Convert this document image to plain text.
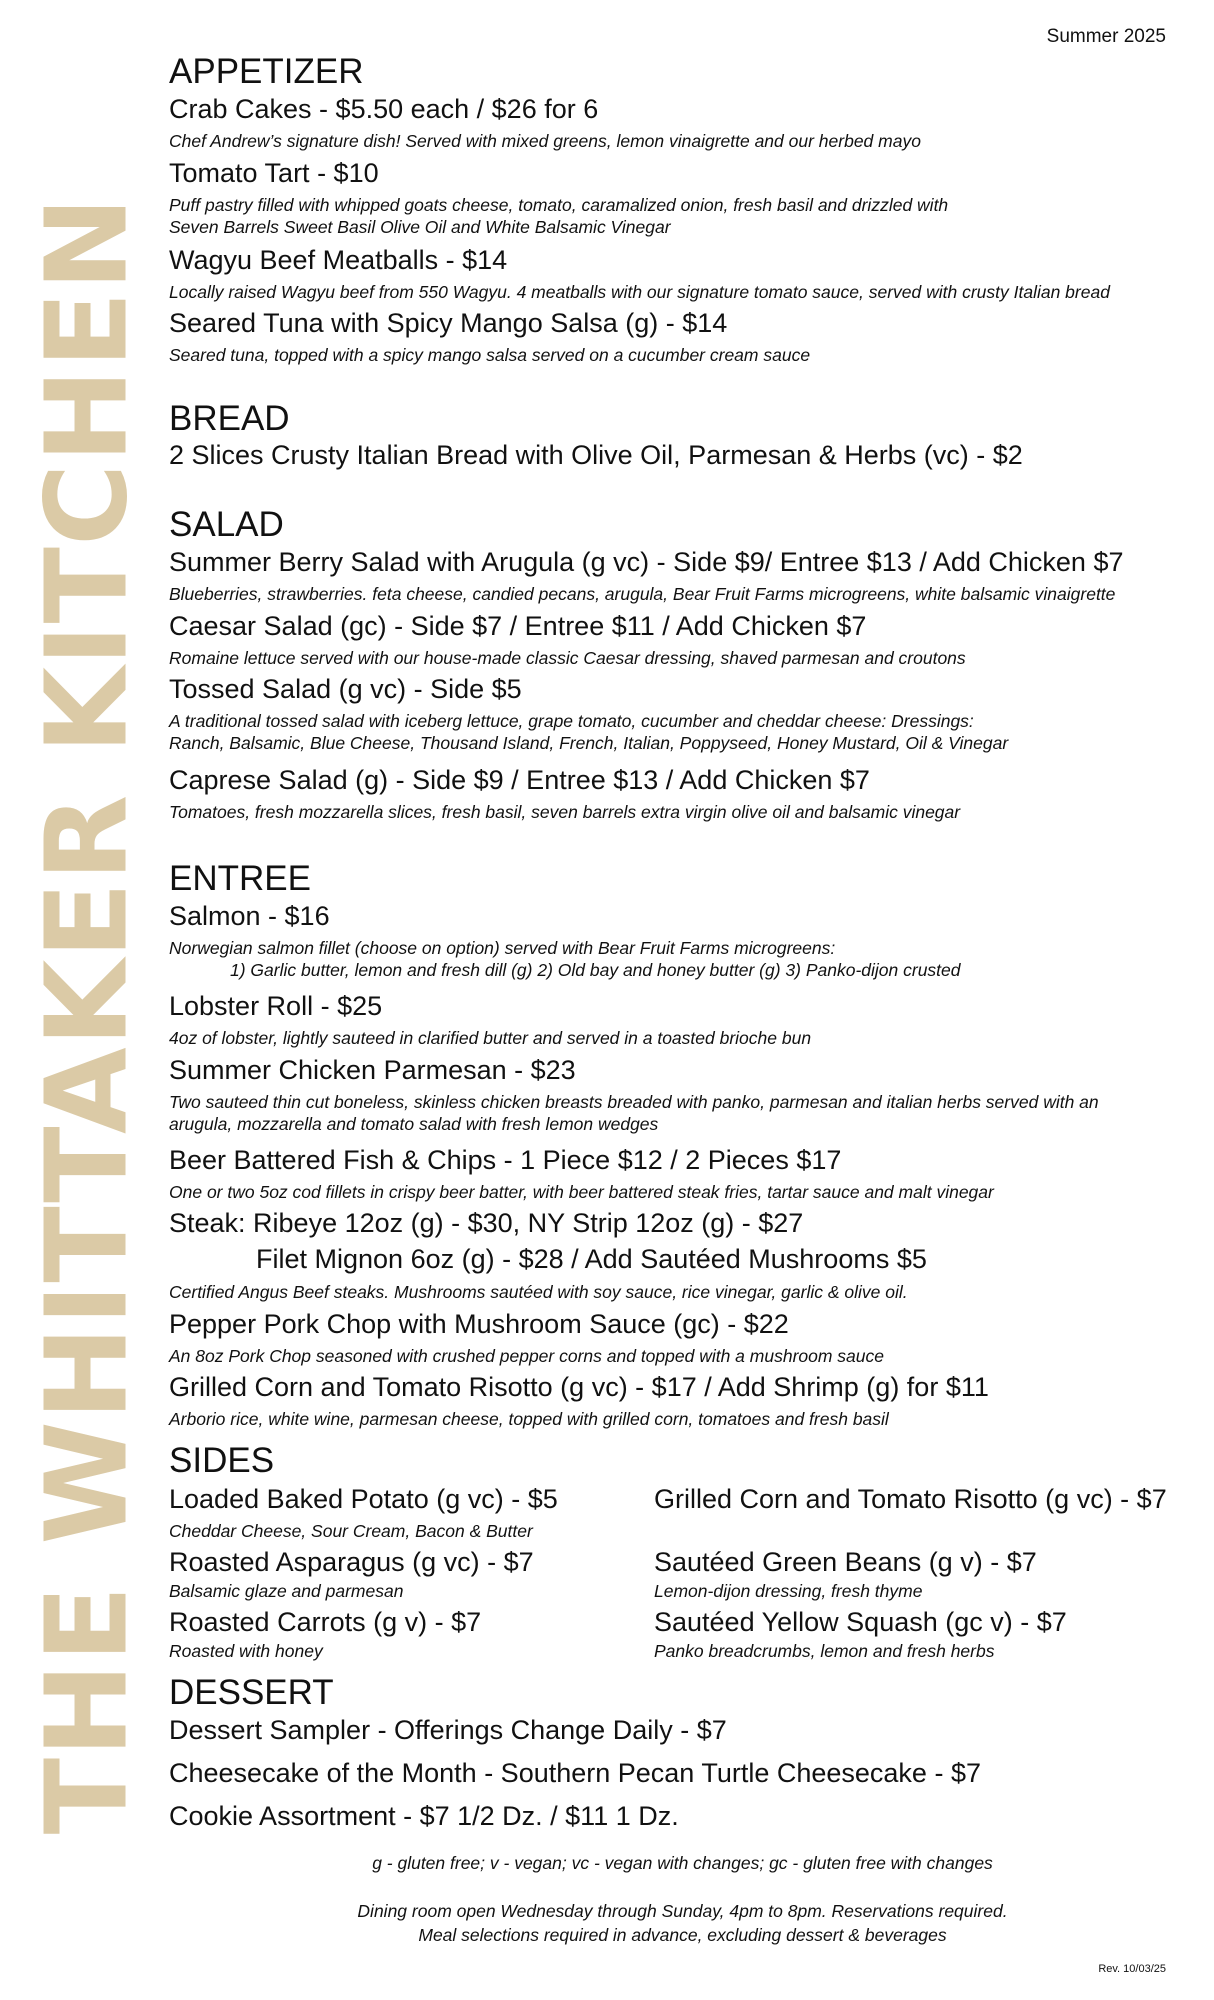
THE WHITTAKER KITCHEN
Summer 2025
APPETIZER
Crab Cakes - $5.50 each / $26 for 6
Chef Andrew’s signature dish! Served with mixed greens, lemon vinaigrette and our herbed mayo
Tomato Tart - $10
Puff pastry filled with whipped goats cheese, tomato, caramalized onion, fresh basil and drizzled with
Seven Barrels Sweet Basil Olive Oil and White Balsamic Vinegar
Wagyu Beef Meatballs - $14
Locally raised Wagyu beef from 550 Wagyu. 4 meatballs with our signature tomato sauce, served with crusty Italian bread
Seared Tuna with Spicy Mango Salsa (g) - $14
Seared tuna, topped with a spicy mango salsa served on a cucumber cream sauce
BREAD
2 Slices Crusty Italian Bread with Olive Oil, Parmesan & Herbs (vc) - $2
SALAD
Summer Berry Salad with Arugula (g vc) - Side $9/ Entree $13 / Add Chicken $7
Blueberries, strawberries. feta cheese, candied pecans, arugula, Bear Fruit Farms microgreens, white balsamic vinaigrette
Caesar Salad (gc) - Side $7 / Entree $11 / Add Chicken $7
Romaine lettuce served with our house-made classic Caesar dressing, shaved parmesan and croutons
Tossed Salad (g vc) - Side $5
A traditional tossed salad with iceberg lettuce, grape tomato, cucumber and cheddar cheese: Dressings:
Ranch, Balsamic, Blue Cheese, Thousand Island, French, Italian, Poppyseed, Honey Mustard, Oil & Vinegar
Caprese Salad (g) - Side $9 / Entree $13 / Add Chicken $7
Tomatoes, fresh mozzarella slices, fresh basil, seven barrels extra virgin olive oil and balsamic vinegar
ENTREE
Salmon - $16
Norwegian salmon fillet (choose on option) served with Bear Fruit Farms microgreens:
1) Garlic butter, lemon and fresh dill (g) 2) Old bay and honey butter (g) 3) Panko-dijon crusted
Lobster Roll - $25
4oz of lobster, lightly sauteed in clarified butter and served in a toasted brioche bun
Summer Chicken Parmesan - $23
Two sauteed thin cut boneless, skinless chicken breasts breaded with panko, parmesan and italian herbs served with an
arugula, mozzarella and tomato salad with fresh lemon wedges
Beer Battered Fish & Chips - 1 Piece $12 / 2 Pieces $17
One or two 5oz cod fillets in crispy beer batter, with beer battered steak fries, tartar sauce and malt vinegar
Steak: Ribeye 12oz (g) - $30, NY Strip 12oz (g) - $27
Filet Mignon 6oz (g) - $28 / Add Sautéed Mushrooms $5
Certified Angus Beef steaks. Mushrooms sautéed with soy sauce, rice vinegar, garlic & olive oil.
Pepper Pork Chop with Mushroom Sauce (gc) - $22
An 8oz Pork Chop seasoned with crushed pepper corns and topped with a mushroom sauce
Grilled Corn and Tomato Risotto (g vc) - $17 / Add Shrimp (g) for $11
Arborio rice, white wine, parmesan cheese, topped with grilled corn, tomatoes and fresh basil
SIDES
Loaded Baked Potato (g vc) - $5
Cheddar Cheese, Sour Cream, Bacon & Butter
Roasted Asparagus (g vc) - $7
Balsamic glaze and parmesan
Roasted Carrots (g v) - $7
Roasted with honey
Grilled Corn and Tomato Risotto (g vc) - $7
Sautéed Green Beans (g v) - $7
Lemon-dijon dressing, fresh thyme
Sautéed Yellow Squash (gc v) - $7
Panko breadcrumbs, lemon and fresh herbs
DESSERT
Dessert Sampler - Offerings Change Daily - $7
Cheesecake of the Month - Southern Pecan Turtle Cheesecake - $7
Cookie Assortment - $7 1/2 Dz. / $11 1 Dz.
g - gluten free; v - vegan; vc - vegan with changes; gc - gluten free with changes
Dining room open Wednesday through Sunday, 4pm to 8pm. Reservations required.
Meal selections required in advance, excluding dessert & beverages
Rev. 10/03/25
